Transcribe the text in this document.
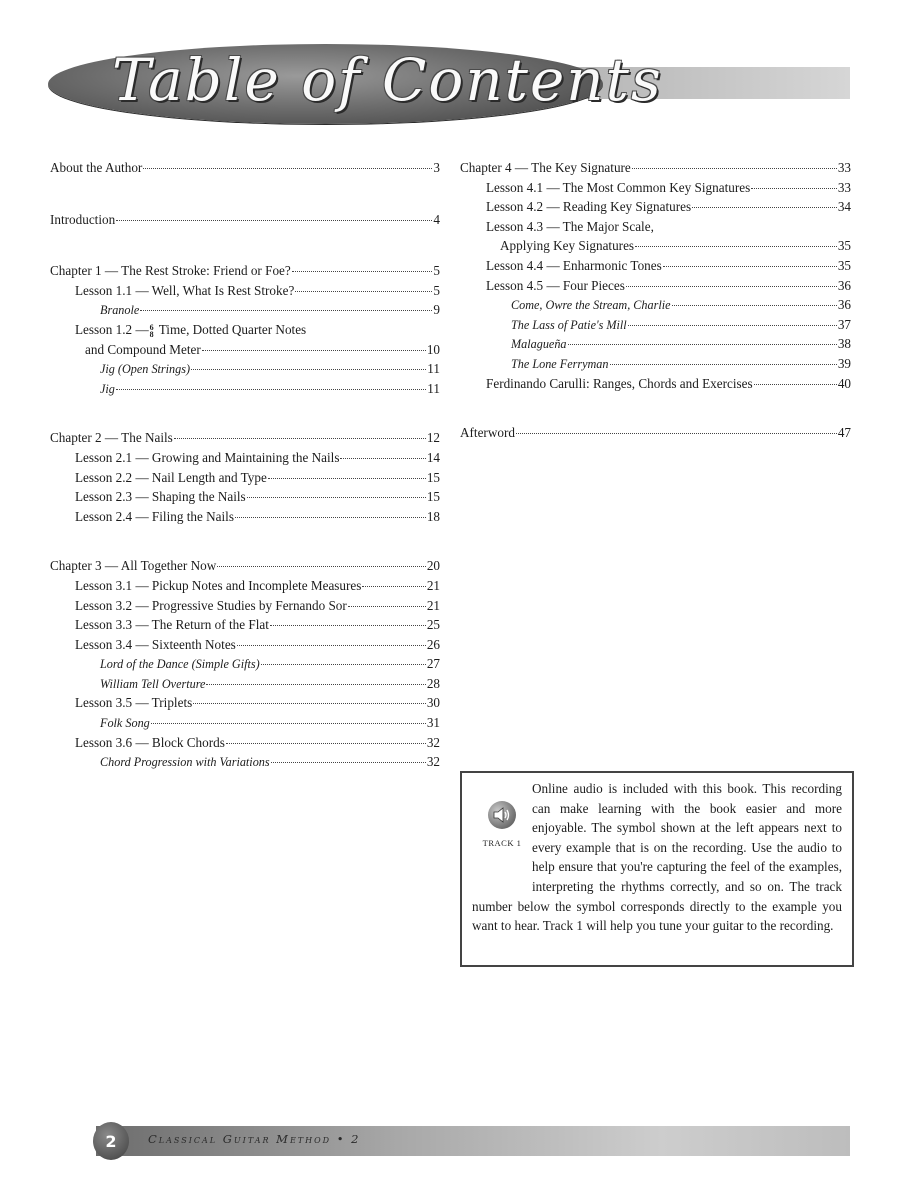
Table of Contents
About the Author	3
Introduction	4
Chapter 1 — The Rest Stroke: Friend or Foe?	5
Lesson 1.1 — Well, What Is Rest Stroke?	5
Branole	9
Lesson 1.2 — 6
8 Time, Dotted Quarter Notes
and Compound Meter	10
Jig (Open Strings)	11
Jig	11
Chapter 2 — The Nails	12
Lesson 2.1 — Growing and Maintaining the Nails	14
Lesson 2.2 — Nail Length and Type	15
Lesson 2.3 — Shaping the Nails	15
Lesson 2.4 — Filing the Nails	18
Chapter 3 — All Together Now	20
Lesson 3.1 — Pickup Notes and Incomplete Measures	21
Lesson 3.2 — Progressive Studies by Fernando Sor	21
Lesson 3.3 — The Return of the Flat	25
Lesson 3.4 — Sixteenth Notes	26
Lord of the Dance (Simple Gifts)	27
William Tell Overture	28
Lesson 3.5 — Triplets	30
Folk Song	31
Lesson 3.6 — Block Chords	32
Chord Progression with Variations	32
Chapter 4 — The Key Signature	33
Lesson 4.1 — The Most Common Key Signatures	33
Lesson 4.2 — Reading Key Signatures	34
Lesson 4.3 — The Major Scale,
Applying Key Signatures	35
Lesson 4.4 — Enharmonic Tones	35
Lesson 4.5 — Four Pieces	36
Come, Owre the Stream, Charlie	36
The Lass of Patie's Mill	37
Malagueña	38
The Lone Ferryman	39
Ferdinando Carulli: Ranges, Chords and Exercises	40
Afterword	47
TRACK 1

Online audio is included with this book. This recording can make learning with the book easier and more enjoyable. The symbol shown at the left appears next to every example that is on the recording. Use the audio to help ensure that you're capturing the feel of the examples, interpreting the rhythms correctly, and so on. The track number below the symbol corresponds directly to the example you want to hear. Track 1 will help you tune your guitar to the recording.

2	Classical Guitar Method • 2
